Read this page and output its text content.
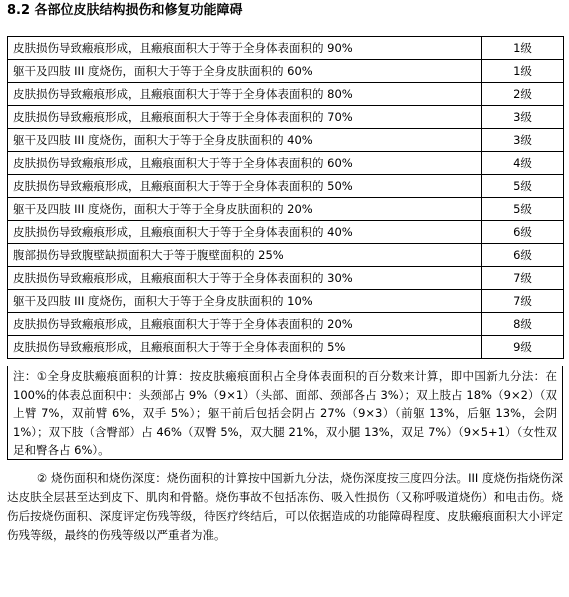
8.2 各部位皮肤结构损伤和修复功能障碍
皮肤损伤导致瘢痕形成，且瘢痕面积大于等于全身体表面积的 90%	1级
躯干及四肢 III 度烧伤，面积大于等于全身皮肤面积的 60%	1级
皮肤损伤导致瘢痕形成，且瘢痕面积大于等于全身体表面积的 80%	2级
皮肤损伤导致瘢痕形成，且瘢痕面积大于等于全身体表面积的 70%	3级
躯干及四肢 III 度烧伤，面积大于等于全身皮肤面积的 40%	3级
皮肤损伤导致瘢痕形成，且瘢痕面积大于等于全身体表面积的 60%	4级
皮肤损伤导致瘢痕形成，且瘢痕面积大于等于全身体表面积的 50%	5级
躯干及四肢 III 度烧伤，面积大于等于全身皮肤面积的 20%	5级
皮肤损伤导致瘢痕形成，且瘢痕面积大于等于全身体表面积的 40%	6级
腹部损伤导致腹壁缺损面积大于等于腹壁面积的 25%	6级
皮肤损伤导致瘢痕形成，且瘢痕面积大于等于全身体表面积的 30%	7级
躯干及四肢 III 度烧伤，面积大于等于全身皮肤面积的 10%	7级
皮肤损伤导致瘢痕形成，且瘢痕面积大于等于全身体表面积的 20%	8级
皮肤损伤导致瘢痕形成，且瘢痕面积大于等于全身体表面积的 5%	9级
注：①全身皮肤瘢痕面积的计算：按皮肤瘢痕面积占全身体表面积的百分数来计算，即中国新九分法：在 100%的体表总面积中：头颈部占 9%（9×1）（头部、面部、颈部各占 3%）；双上肢占 18%（9×2）（双上臂 7%，双前臂 6%，双手 5%）；躯干前后包括会阴占 27%（9×3）（前躯 13%，后躯 13%，会阴 1%）；双下肢（含臀部）占 46%（双臀 5%，双大腿 21%，双小腿 13%，双足 7%）（9×5+1）（女性双足和臀各占 6%）。

② 烧伤面积和烧伤深度：烧伤面积的计算按中国新九分法，烧伤深度按三度四分法。III 度烧伤指烧伤深达皮肤全层甚至达到皮下、肌肉和骨骼。烧伤事故不包括冻伤、吸入性损伤（又称呼吸道烧伤）和电击伤。烧伤后按烧伤面积、深度评定伤残等级，待医疗终结后，可以依据造成的功能障碍程度、皮肤瘢痕面积大小评定伤残等级，最终的伤残等级以严重者为准。
